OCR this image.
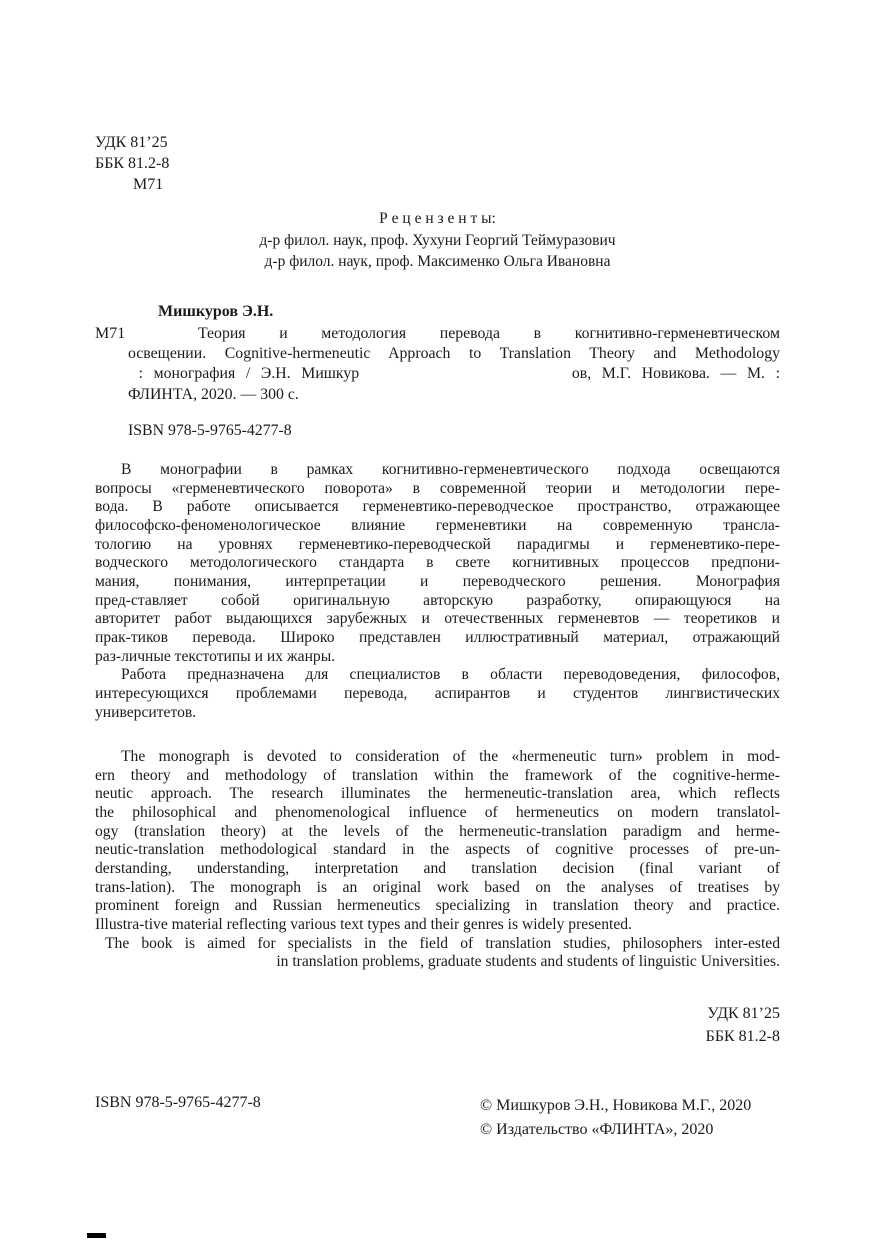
УДК 81’25
ББК 81.2-8
М71
Р е ц е н з е н т ы:
д-р филол. наук, проф. Хухуни Георгий Теймуразович
д-р филол. наук, проф. Максименко Ольга Ивановна
Мишкуров Э.Н.
М71	Теория и методология перевода в когнитивно-герменевтическом
освещении. Cognitive-hermeneutic Approach to Translation Theory and Methodology
: монография / Э.Н. Мишкур                    ов, М.Г. Новикова. — М. :
ФЛИНТА, 2020. — 300 с.
ISBN 978-5-9765-4277-8
В монографии в рамках когнитивно-герменевтического подхода освещаются
вопросы «герменевтического поворота» в современной теории и методологии пере-
вода. В работе описывается герменевтико-переводческое пространство, отражающее
философско-феноменологическое влияние герменевтики на современную трансла-
тологию на уровнях герменевтико-переводческой парадигмы и герменевтико-пере-
водческого методологического стандарта в свете когнитивных процессов предпони-
мания, понимания, интерпретации и переводческого решения. Монография
пред-ставляет собой оригинальную авторскую разработку, опирающуюся на
авторитет работ выдающихся зарубежных и отечественных герменевтов — теоретиков и
прак-тиков перевода. Широко представлен иллюстративный материал, отражающий
раз-личные текстотипы и их жанры.
Работа предназначена для специалистов в области переводоведения, философов,
интересующихся проблемами перевода, аспирантов и студентов лингвистических
университетов.
The monograph is devoted to consideration of the «hermeneutic turn» problem in mod-
ern theory and methodology of translation within the framework of the cognitive-herme-
neutic approach. The research illuminates the hermeneutic-translation area, which reflects
the philosophical and phenomenological influence of hermeneutics on modern translatol-
ogy (translation theory) at the levels of the hermeneutic-translation paradigm and herme-
neutic-translation methodological standard in the aspects of cognitive processes of pre-un-
derstanding, understanding, interpretation and translation decision (final variant of
trans-lation). The monograph is an original work based on the analyses of treatises by
prominent foreign and Russian hermeneutics specializing in translation theory and practice.
Illustra-tive material reflecting various text types and their genres is widely presented.
The book is aimed for specialists in the field of translation studies, philosophers inter-ested
in translation problems, graduate students and students of linguistic Universities.
УДК 81’25
ББК 81.2-8
ISBN 978-5-9765-4277-8	© Мишкуров Э.Н., Новикова М.Г., 2020
© Издательство «ФЛИНТА», 2020
